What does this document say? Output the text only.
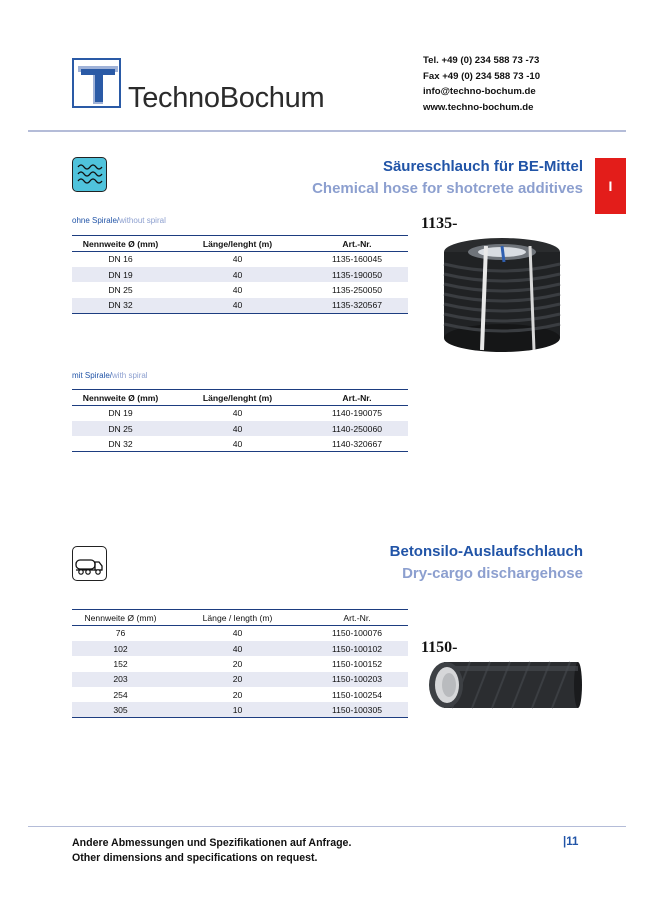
TechnoBochum
Tel. +49 (0) 234 588 73 -73
Fax +49 (0) 234 588 73 -10
info@techno-bochum.de
www.techno-bochum.de
I
Säureschlauch für BE-Mittel
Chemical hose for shotcrete additives
ohne Spirale/without spiral
Nennweite Ø (mm)	Länge/lenght (m)	Art.-Nr.
DN 16	40	1135-160045
DN 19	40	1135-190050
DN 25	40	1135-250050
DN 32	40	1135-320567
1135-
mit Spirale/with spiral
Nennweite Ø (mm)	Länge/lenght (m)	Art.-Nr.
DN 19	40	1140-190075
DN 25	40	1140-250060
DN 32	40	1140-320667
Betonsilo-Auslaufschlauch
Dry-cargo dischargehose
Nennweite Ø (mm)	Länge / length (m)	Art.-Nr.
76	40	1150-100076
102	40	1150-100102
152	20	1150-100152
203	20	1150-100203
254	20	1150-100254
305	10	1150-100305
1150-
Andere Abmessungen und Spezifikationen auf Anfrage.
Other dimensions and specifications on request.
|11
